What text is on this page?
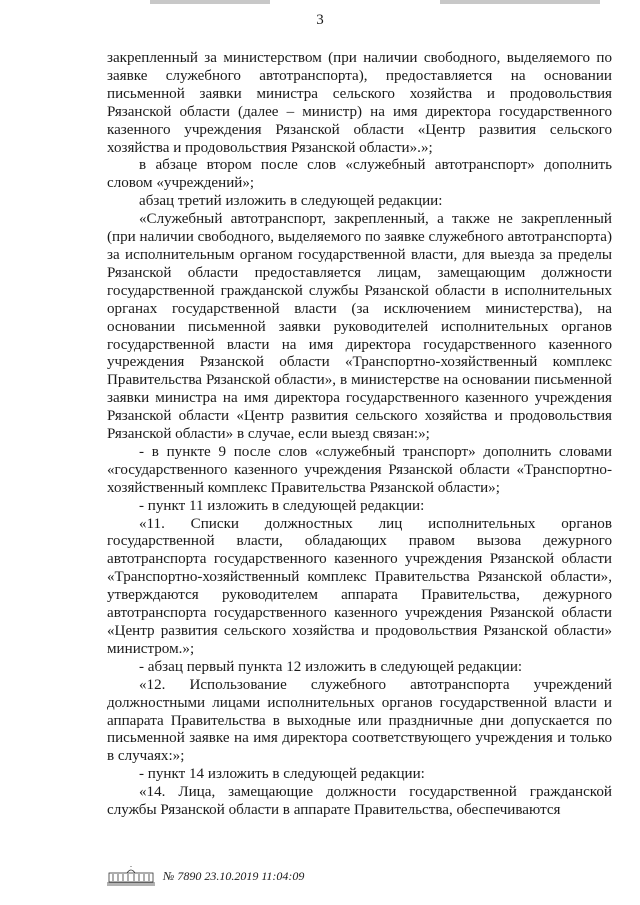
3

закрепленный за министерством (при наличии свободного, выделяемого по заявке служебного автотранспорта), предоставляется на основании письменной заявки министра сельского хозяйства и продовольствия Рязанской области (далее – министр) на имя директора государственного казенного учреждения Рязанской области «Центр развития сельского хозяйства и продовольствия Рязанской области».»;

в абзаце втором после слов «служебный автотранспорт» дополнить словом «учреждений»;

абзац третий изложить в следующей редакции:

«Служебный автотранспорт, закрепленный, а также не закрепленный (при наличии свободного, выделяемого по заявке служебного автотранспорта) за исполнительным органом государственной власти, для выезда за пределы Рязанской области предоставляется лицам, замещающим должности государственной гражданской службы Рязанской области в исполнительных органах государственной власти (за исключением министерства), на основании письменной заявки руководителей исполнительных органов государственной власти на имя директора государственного казенного учреждения Рязанской области «Транспортно-хозяйственный комплекс Правительства Рязанской области», в министерстве на основании письменной заявки министра на имя директора государственного казенного учреждения Рязанской области «Центр развития сельского хозяйства и продовольствия Рязанской области» в случае, если выезд связан:»;

- в пункте 9 после слов «служебный транспорт» дополнить словами «государственного казенного учреждения Рязанской области «Транспортно-хозяйственный комплекс Правительства Рязанской области»;

- пункт 11 изложить в следующей редакции:

«11. Списки должностных лиц исполнительных органов государственной власти, обладающих правом вызова дежурного автотранспорта государственного казенного учреждения Рязанской области «Транспортно-хозяйственный комплекс Правительства Рязанской области», утверждаются руководителем аппарата Правительства, дежурного автотранспорта государственного казенного учреждения Рязанской области «Центр развития сельского хозяйства и продовольствия Рязанской области» министром.»;

- абзац первый пункта 12 изложить в следующей редакции:

«12. Использование служебного автотранспорта учреждений должностными лицами исполнительных органов государственной власти и аппарата Правительства в выходные или праздничные дни допускается по письменной заявке на имя директора соответствующего учреждения и только в случаях:»;

- пункт 14 изложить в следующей редакции:

«14. Лица, замещающие должности государственной гражданской службы Рязанской области в аппарате Правительства, обеспечиваются

№ 7890 23.10.2019 11:04:09
